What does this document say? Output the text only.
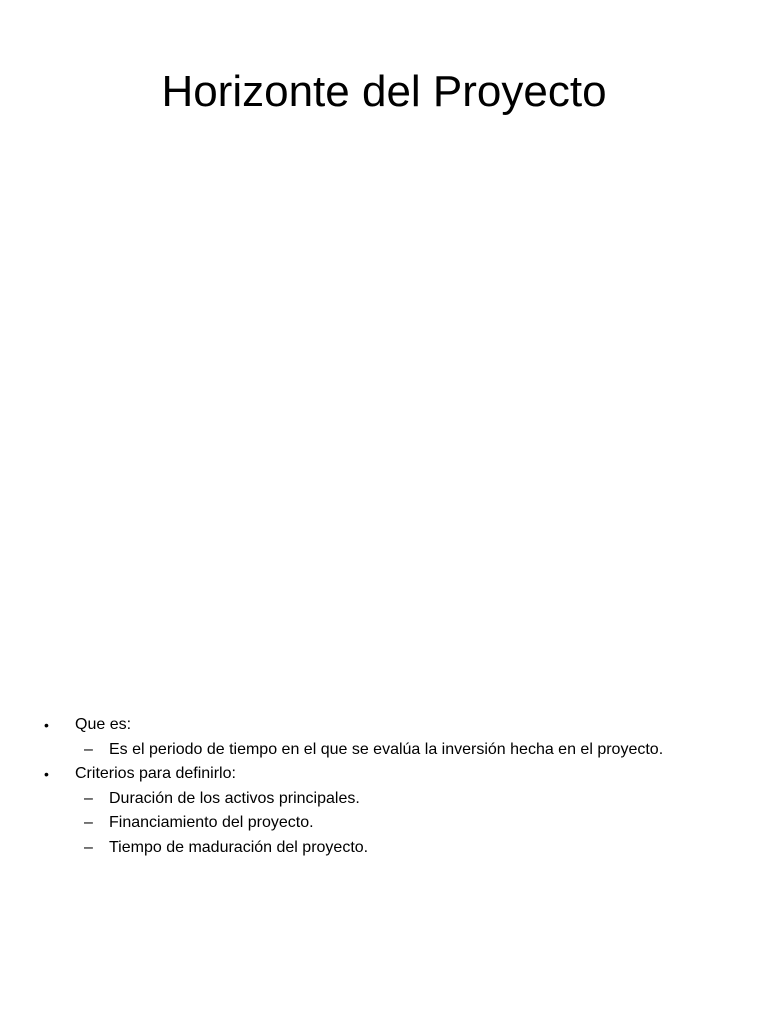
Horizonte del Proyecto
• Que es:
– Es el periodo de tiempo en el que se evalúa la inversión hecha en el proyecto.
• Criterios para definirlo:
– Duración de los activos principales.
– Financiamiento del proyecto.
– Tiempo de maduración del proyecto.
